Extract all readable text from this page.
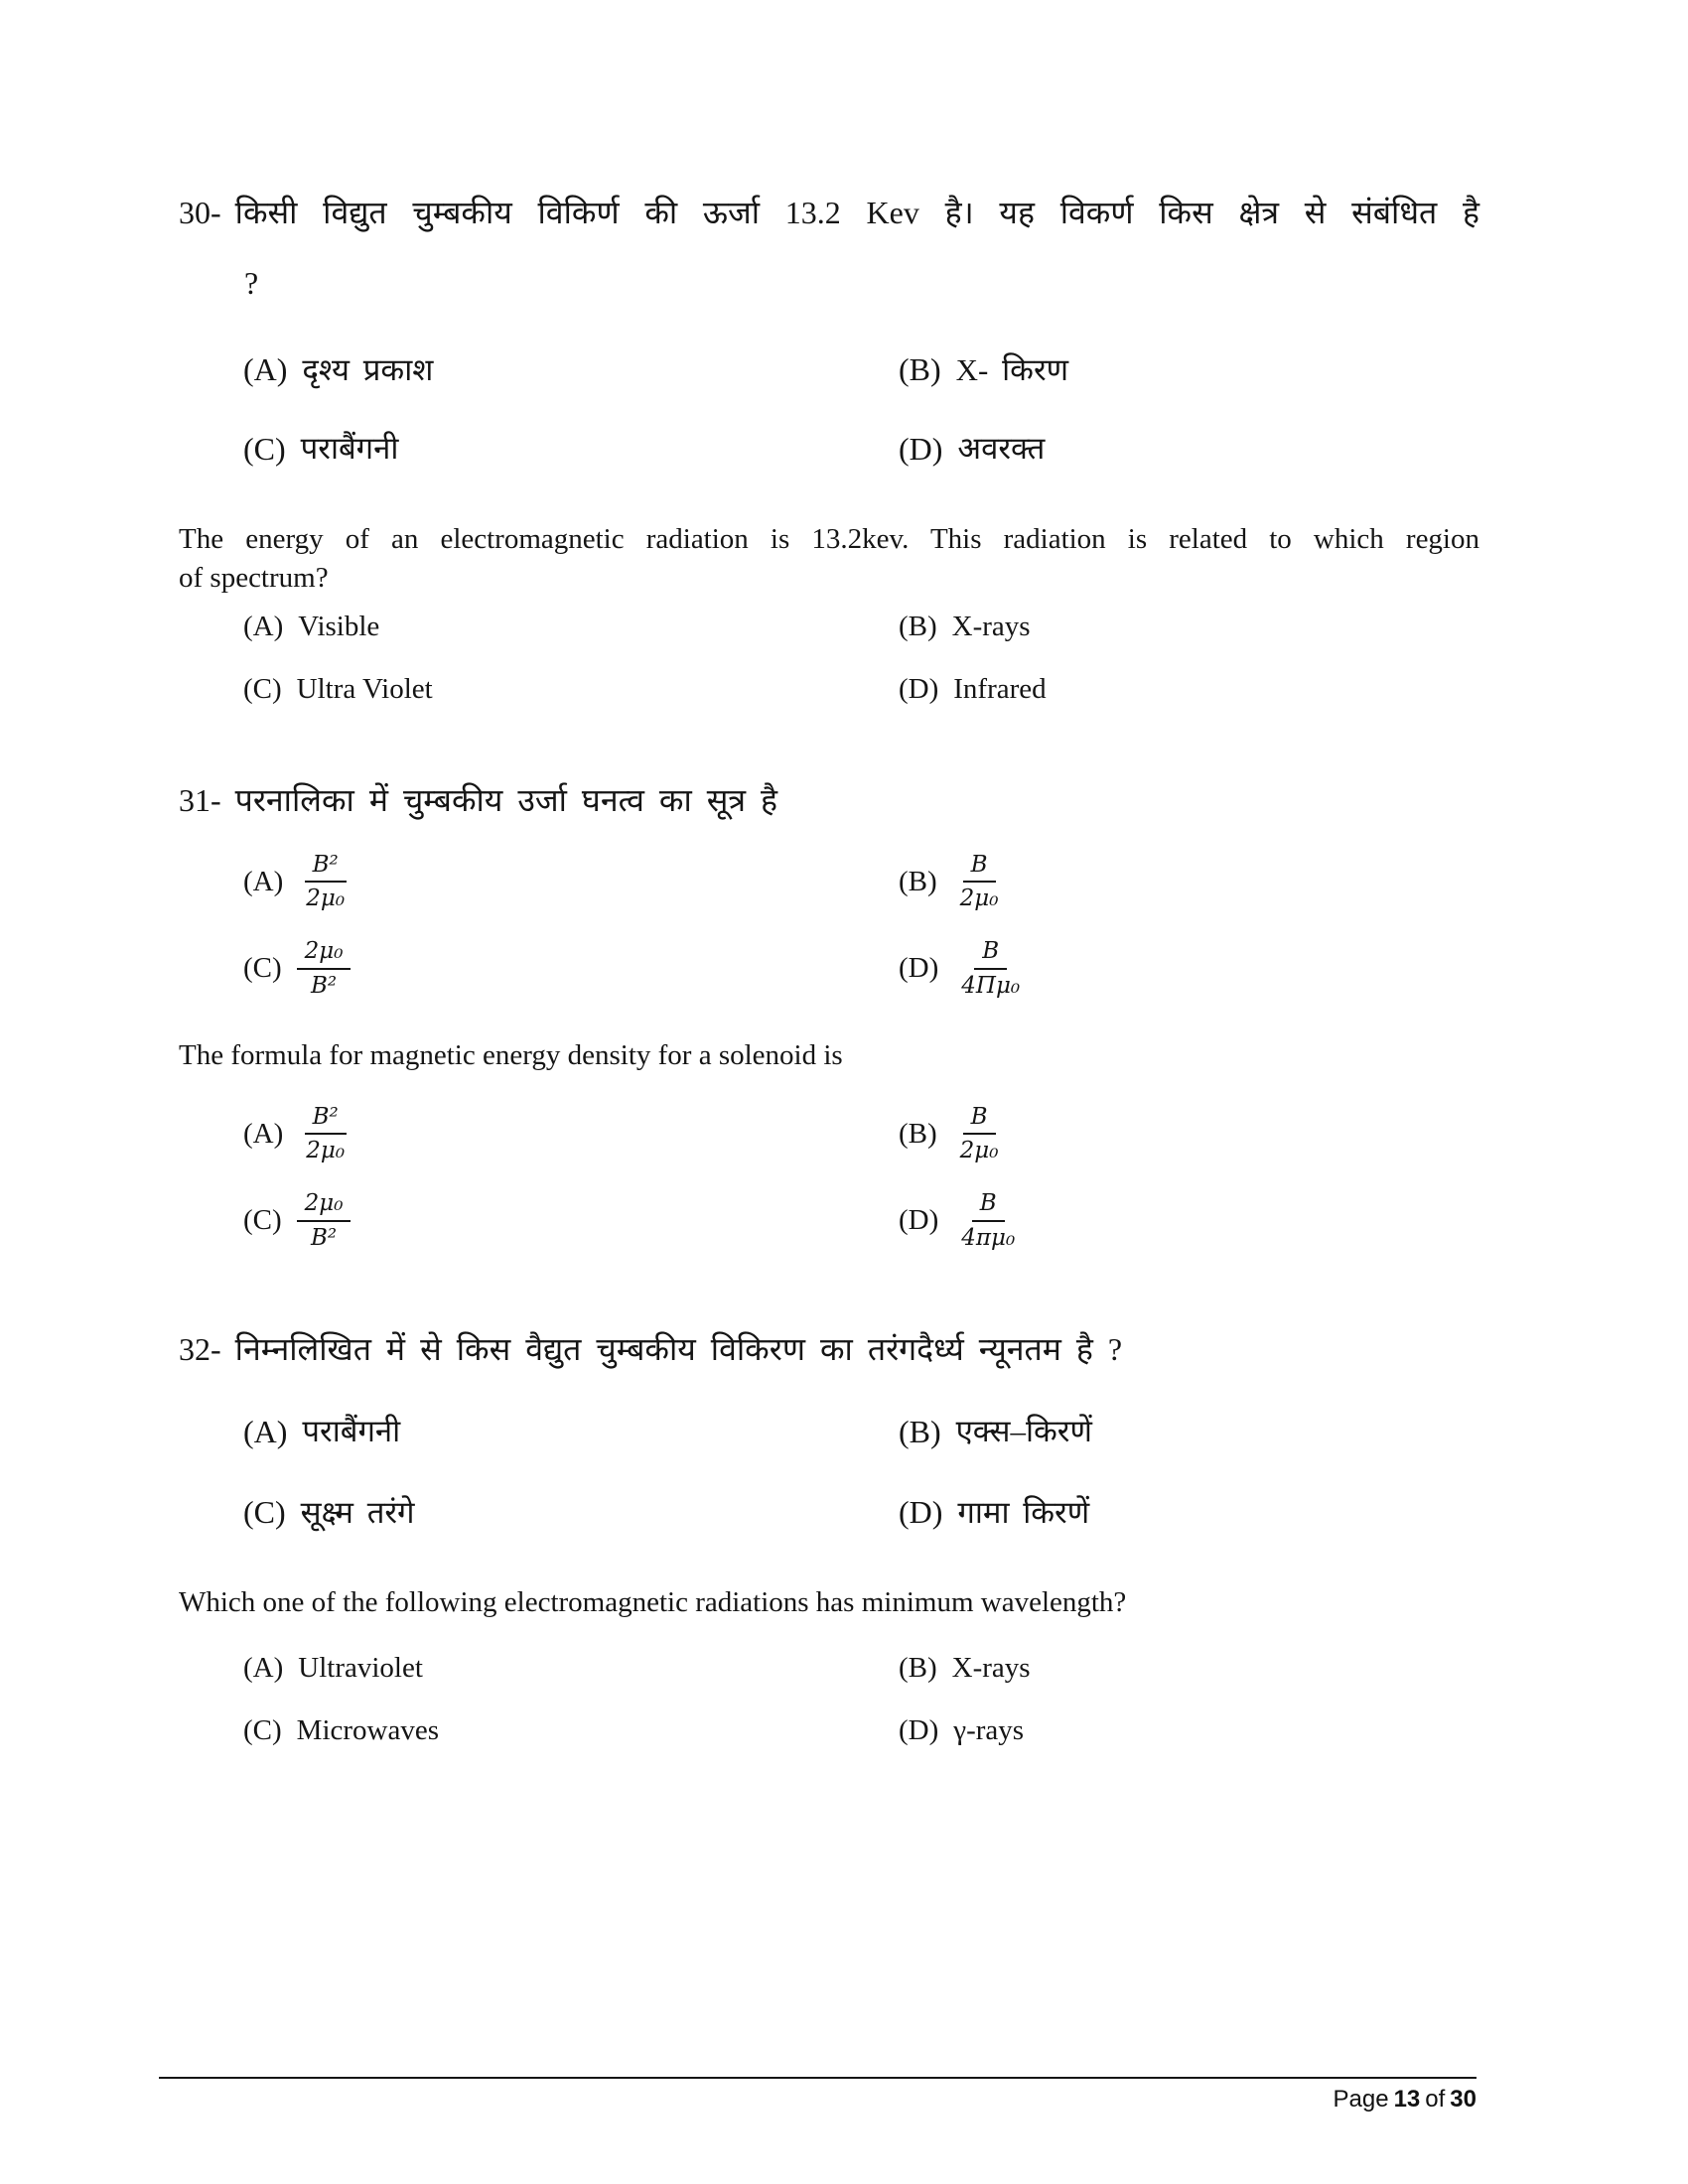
30- किसी विद्युत चुम्बकीय विकिर्ण की ऊर्जा 13.2 Kev है। यह विकर्ण किस क्षेत्र से संबंधित है
?
(A) दृश्य प्रकाश	(B) X- किरण
(C) पराबैंगनी	(D) अवरक्त

The energy of an electromagnetic radiation is 13.2kev. This radiation is related to which region

of spectrum?

(A) Visible	(B) X-rays
(C) Ultra Violet	(D) Infrared
31- परनालिका में चुम्बकीय उर्जा घनत्व का सूत्र है
$(A) \frac{\text{B²}}{\text{2μ₀}}$	$(B) \frac{B}{\text{2μ₀}}$
$(C) \frac{\text{2μ₀}}{\text{B²}}$	$(D) \frac{B}{\text{4Πμ₀}}$

The formula for magnetic energy density for a solenoid is

$(A) \frac{\text{B²}}{\text{2μ₀}}$	$(B) \frac{B}{\text{2μ₀}}$
$(C) \frac{\text{2μ₀}}{\text{B²}}$	$(D) \frac{B}{\text{4πμ₀}}$
32- निम्नलिखित में से किस वैद्युत चुम्बकीय विकिरण का तरंगदैर्ध्य न्यूनतम है ?
(A) पराबैंगनी	(B) एक्स–किरणें
(C) सूक्ष्म तरंगे	(D) गामा किरणें

Which one of the following electromagnetic radiations has minimum wavelength?

(A) Ultraviolet	(B) X-rays
(C) Microwaves	(D) γ-rays
Page 13 of 30
